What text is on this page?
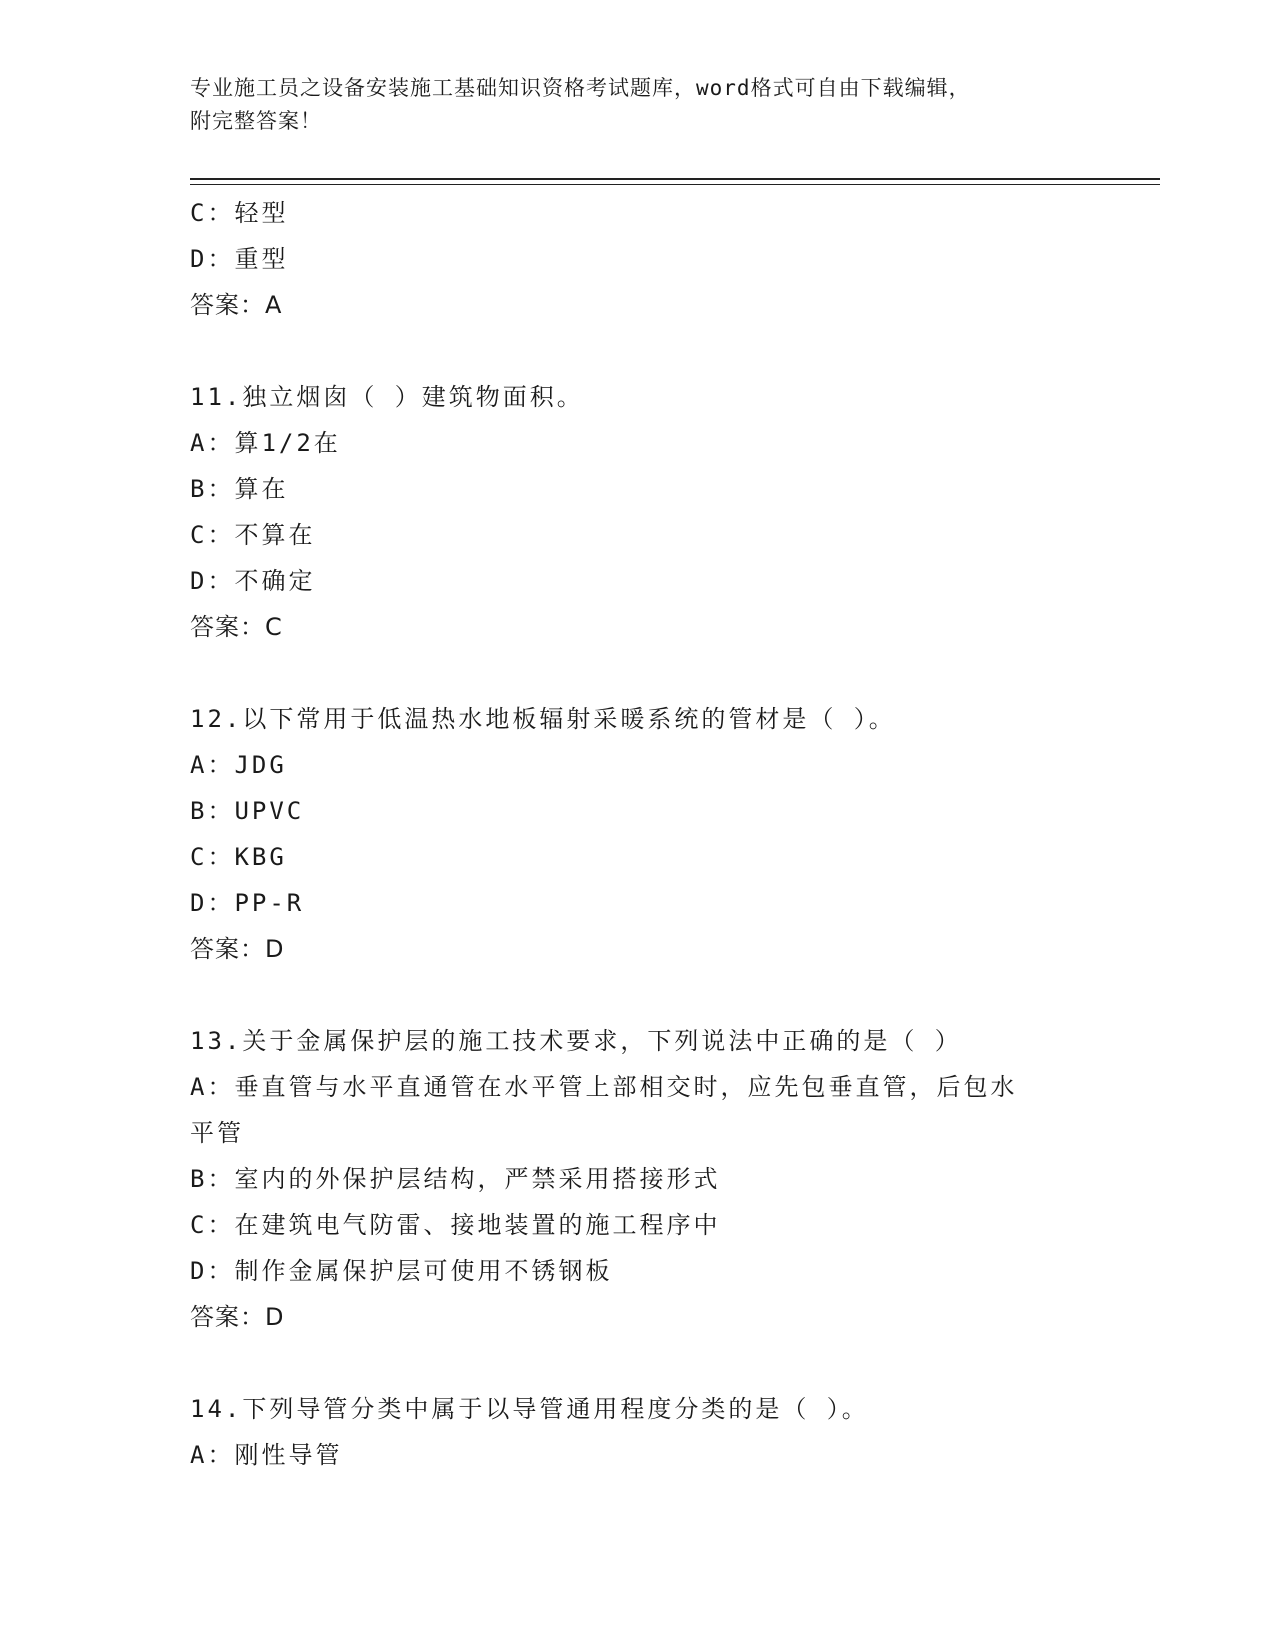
专业施工员之设备安装施工基础知识资格考试题库，word格式可自由下载编辑，
附完整答案！
C：轻型
D：重型
答案：A
11.独立烟囱（ ）建筑物面积。
A：算1/2在
B：算在
C：不算在
D：不确定
答案：C
12.以下常用于低温热水地板辐射采暖系统的管材是（ ）。
A：JDG
B：UPVC
C：KBG
D：PP-R
答案：D
13.关于金属保护层的施工技术要求，下列说法中正确的是（ ）
A：垂直管与水平直通管在水平管上部相交时，应先包垂直管，后包水
平管
B：室内的外保护层结构，严禁采用搭接形式
C：在建筑电气防雷、接地装置的施工程序中
D：制作金属保护层可使用不锈钢板
答案：D
14.下列导管分类中属于以导管通用程度分类的是（ ）。
A：刚性导管
